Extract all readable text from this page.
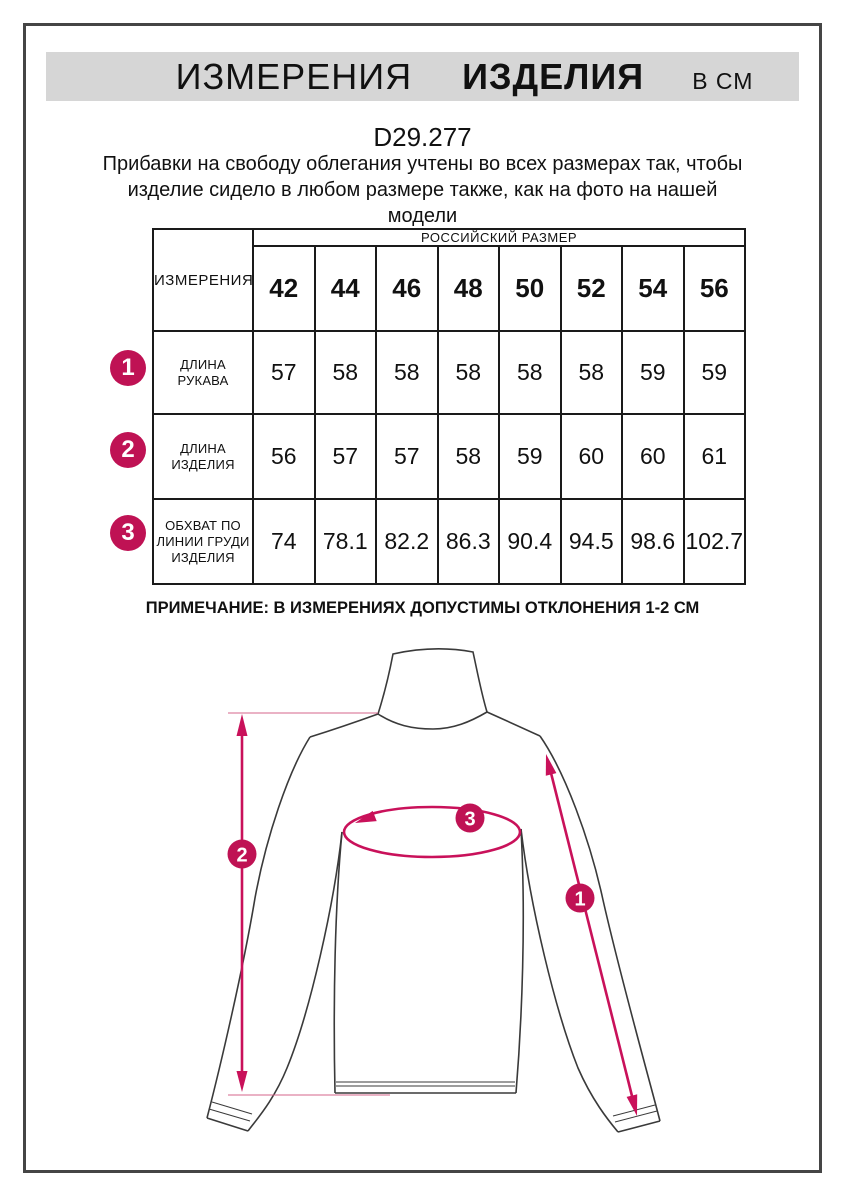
ИЗМЕРЕНИЯ ИЗДЕЛИЯ В СМ
D29.277
Прибавки на свободу облегания учтены во всех размерах так, чтобы
изделие сидело в любом размере также, как на фото на нашей
модели
ИЗМЕРЕНИЯ	РОССИЙСКИЙ РАЗМЕР							
	42	44	46	48	50	52	54	56
ДЛИНА РУКАВА	57	58	58	58	58	58	59	59
ДЛИНА ИЗДЕЛИЯ	56	57	57	58	59	60	60	61
ОБХВАТ ПО ЛИНИИ ГРУДИ ИЗДЕЛИЯ	74	78.1	82.2	86.3	90.4	94.5	98.6	102.7
1
2
3
ПРИМЕЧАНИЕ: В ИЗМЕРЕНИЯХ ДОПУСТИМЫ ОТКЛОНЕНИЯ 1-2 СМ
2
1
3
